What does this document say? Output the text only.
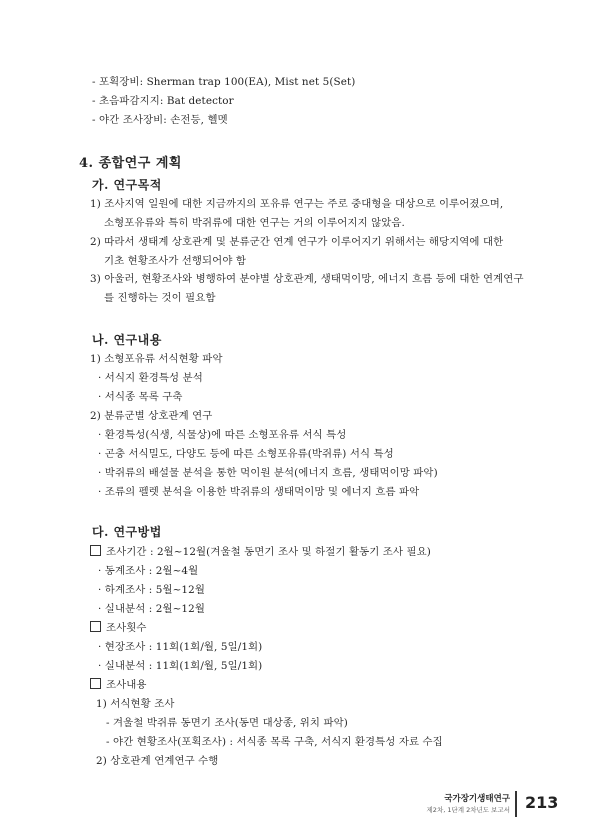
- 포획장비: Sherman trap 100(EA), Mist net 5(Set)
- 초음파감지지: Bat detector
- 야간 조사장비: 손전등, 헬멧
4. 종합연구 계획
가. 연구목적
1) 조사지역 일원에 대한 지금까지의 포유류 연구는 주로 중대형을 대상으로 이루어졌으며,
소형포유류와 특히 박쥐류에 대한 연구는 거의 이루어지지 않았음.
2) 따라서 생태계 상호관계 및 분류군간 연계 연구가 이루어지기 위해서는 해당지역에 대한
기초 현황조사가 선행되어야 함
3) 아울러, 현황조사와 병행하여 분야별 상호관계, 생태먹이망, 에너지 흐름 등에 대한 연계연구
를 진행하는 것이 필요함
나. 연구내용
1) 소형포유류 서식현황 파악
· 서식지 환경특성 분석
· 서식종 목록 구축
2) 분류군별 상호관계 연구
· 환경특성(식생, 식물상)에 따른 소형포유류 서식 특성
· 곤충 서식밀도, 다양도 등에 따른 소형포유류(박쥐류) 서식 특성
· 박쥐류의 배설물 분석을 통한 먹이원 분석(에너지 흐름, 생태먹이망 파악)
· 조류의 펠렛 분석을 이용한 박쥐류의 생태먹이망 및 에너지 흐름 파악
다. 연구방법
조사기간 : 2월~12월(겨울철 동면기 조사 및 하절기 활동기 조사 필요)
· 동계조사 : 2월~4월
· 하계조사 : 5월~12월
· 실내분석 : 2월~12월
조사횟수
· 현장조사 : 11회(1회/월, 5일/1회)
· 실내분석 : 11회(1회/월, 5일/1회)
조사내용
1) 서식현황 조사
- 겨울철 박쥐류 동면기 조사(동면 대상종, 위치 파악)
- 야간 현황조사(포획조사) : 서식종 목록 구축, 서식지 환경특성 자료 수집
2) 상호관계 연계연구 수행
국가장기생태연구
제2차, 1단계 2차년도 보고서 213
